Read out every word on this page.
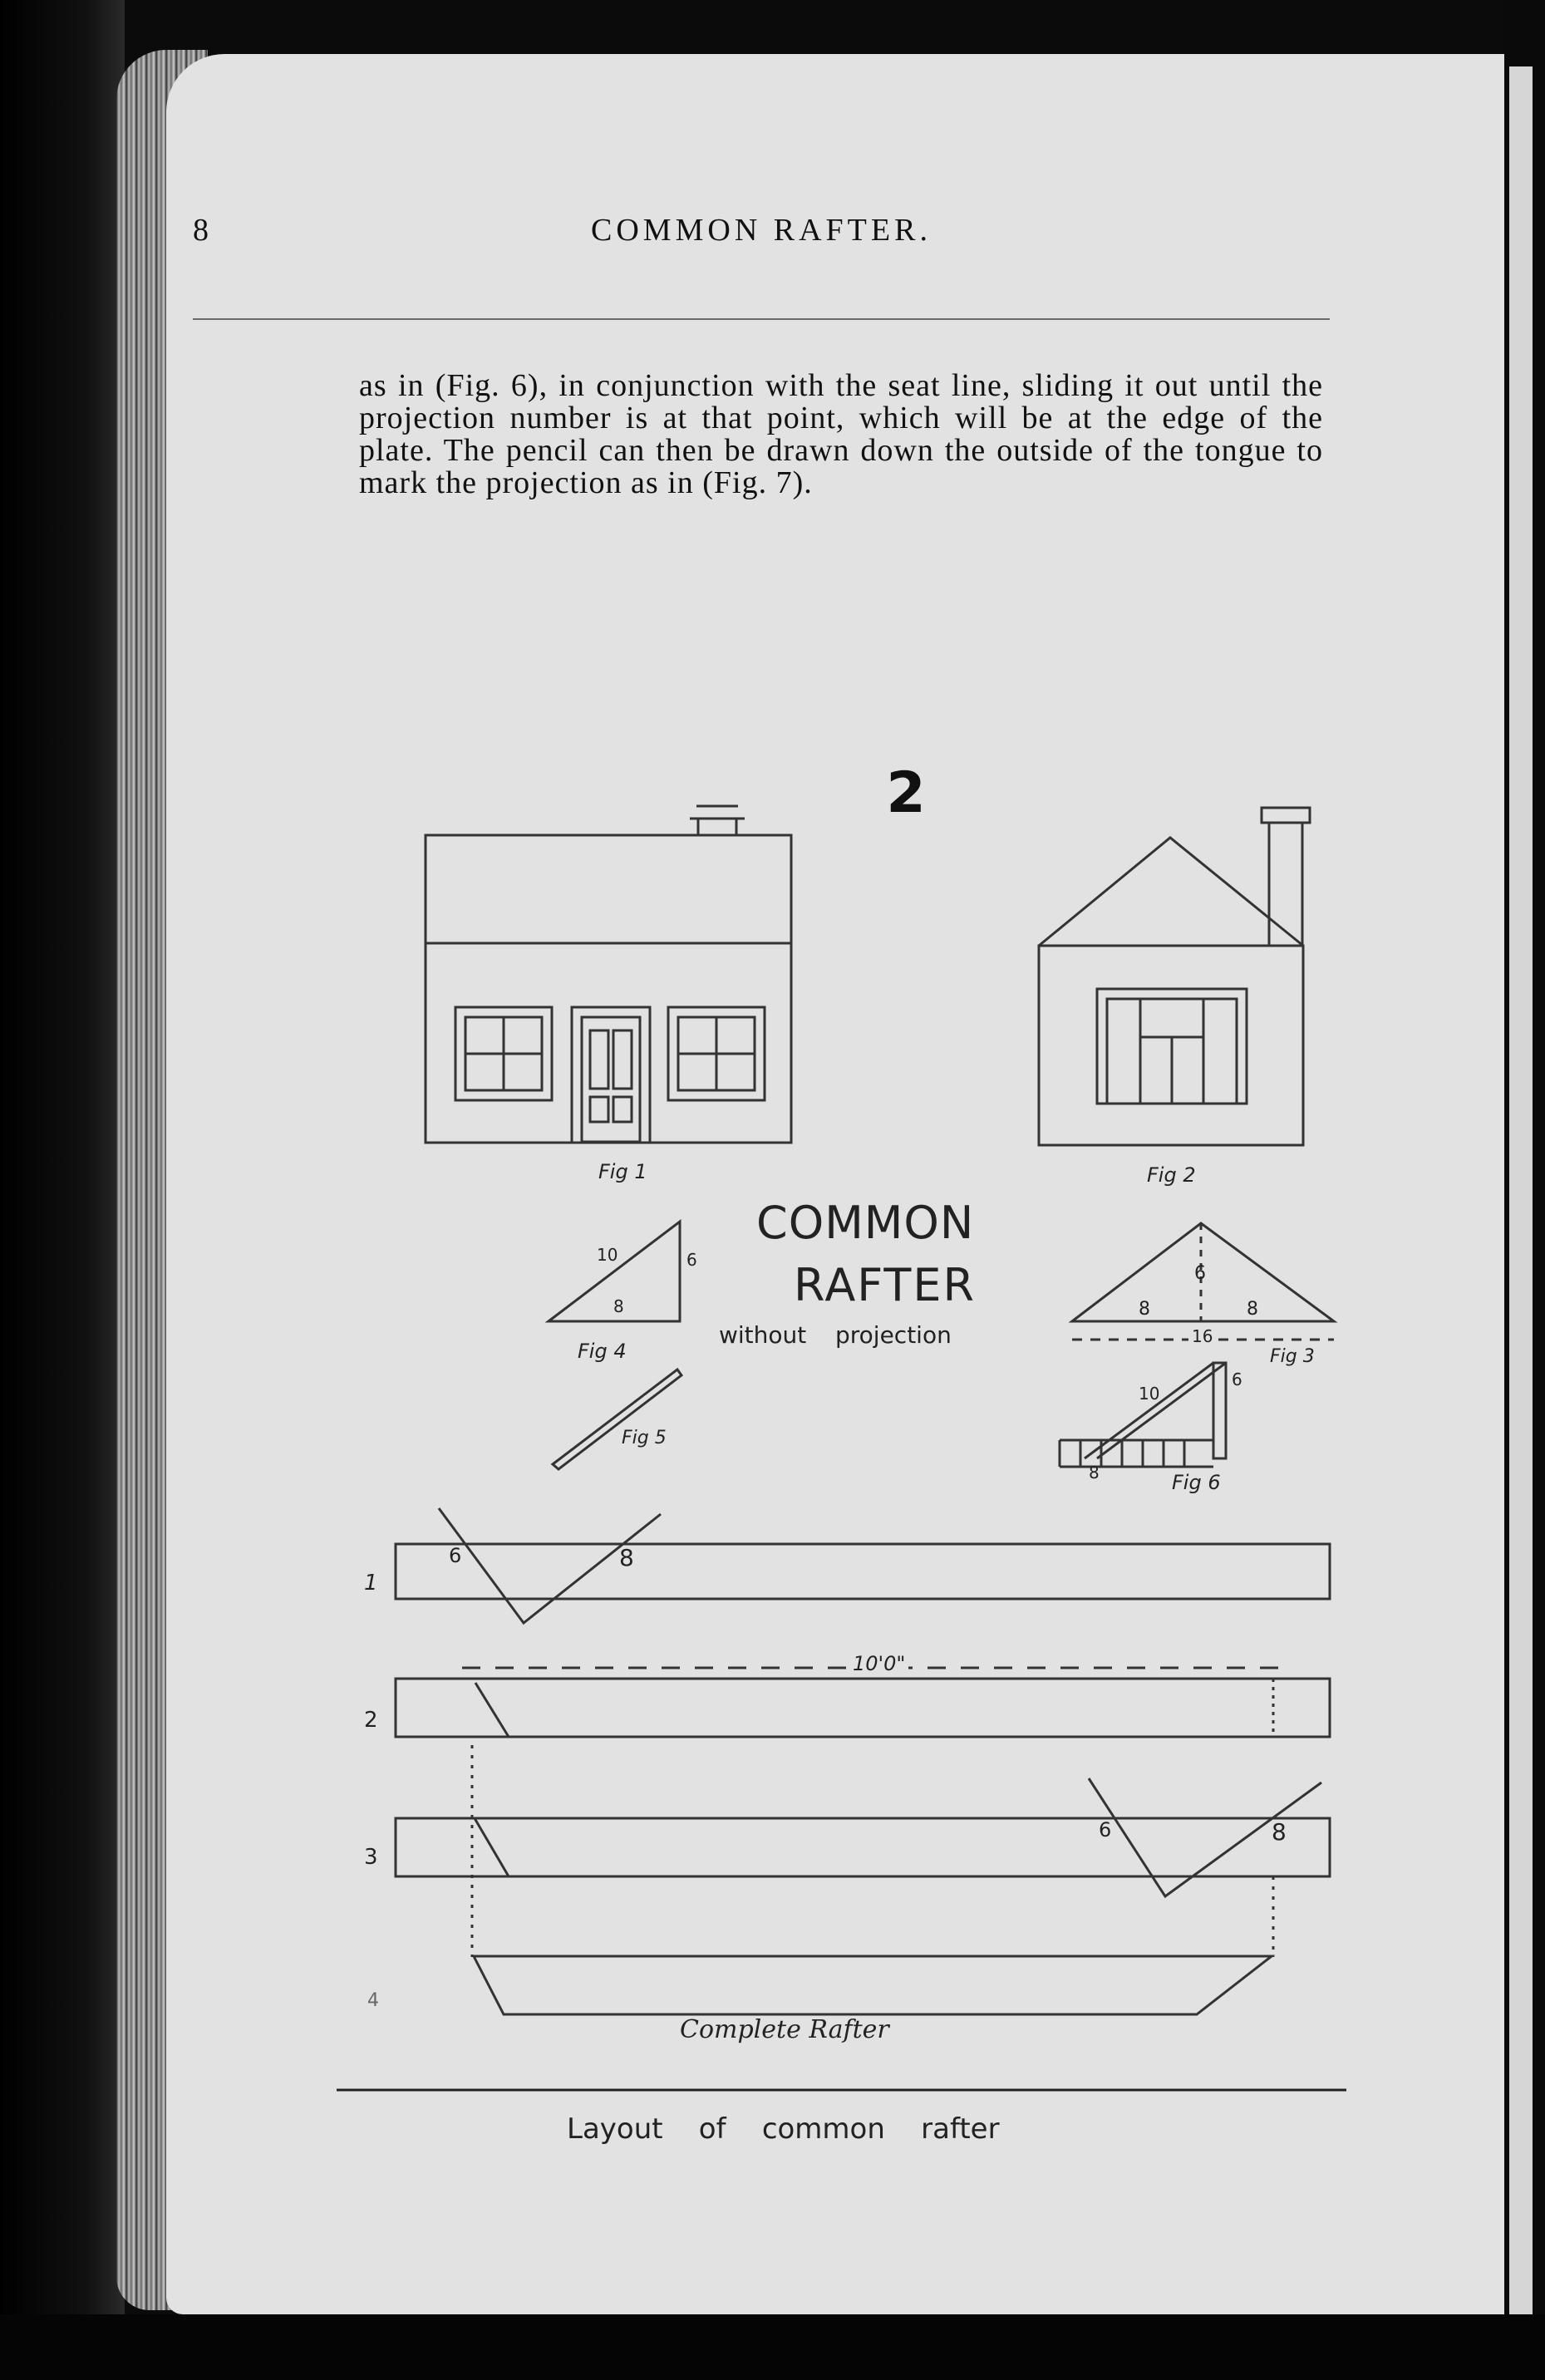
8	COMMON RAFTER.

as in (Fig. 6), in conjunction with the seat line, sliding it out until the projection number is at that point, which will be at the edge of the plate. The pencil can then be drawn down the outside of the tongue to mark the projection as in (Fig. 7).

2
COMMON
RAFTER
without projection
Fig 1	Fig 2
Fig 3
Fig 4
Fig 5
Fig 6
10	6
8
6
8	8
16
10
6
8
6	8
10'0"
6	8
1
2
3
4
Complete Rafter
Layout    of    common    rafter
